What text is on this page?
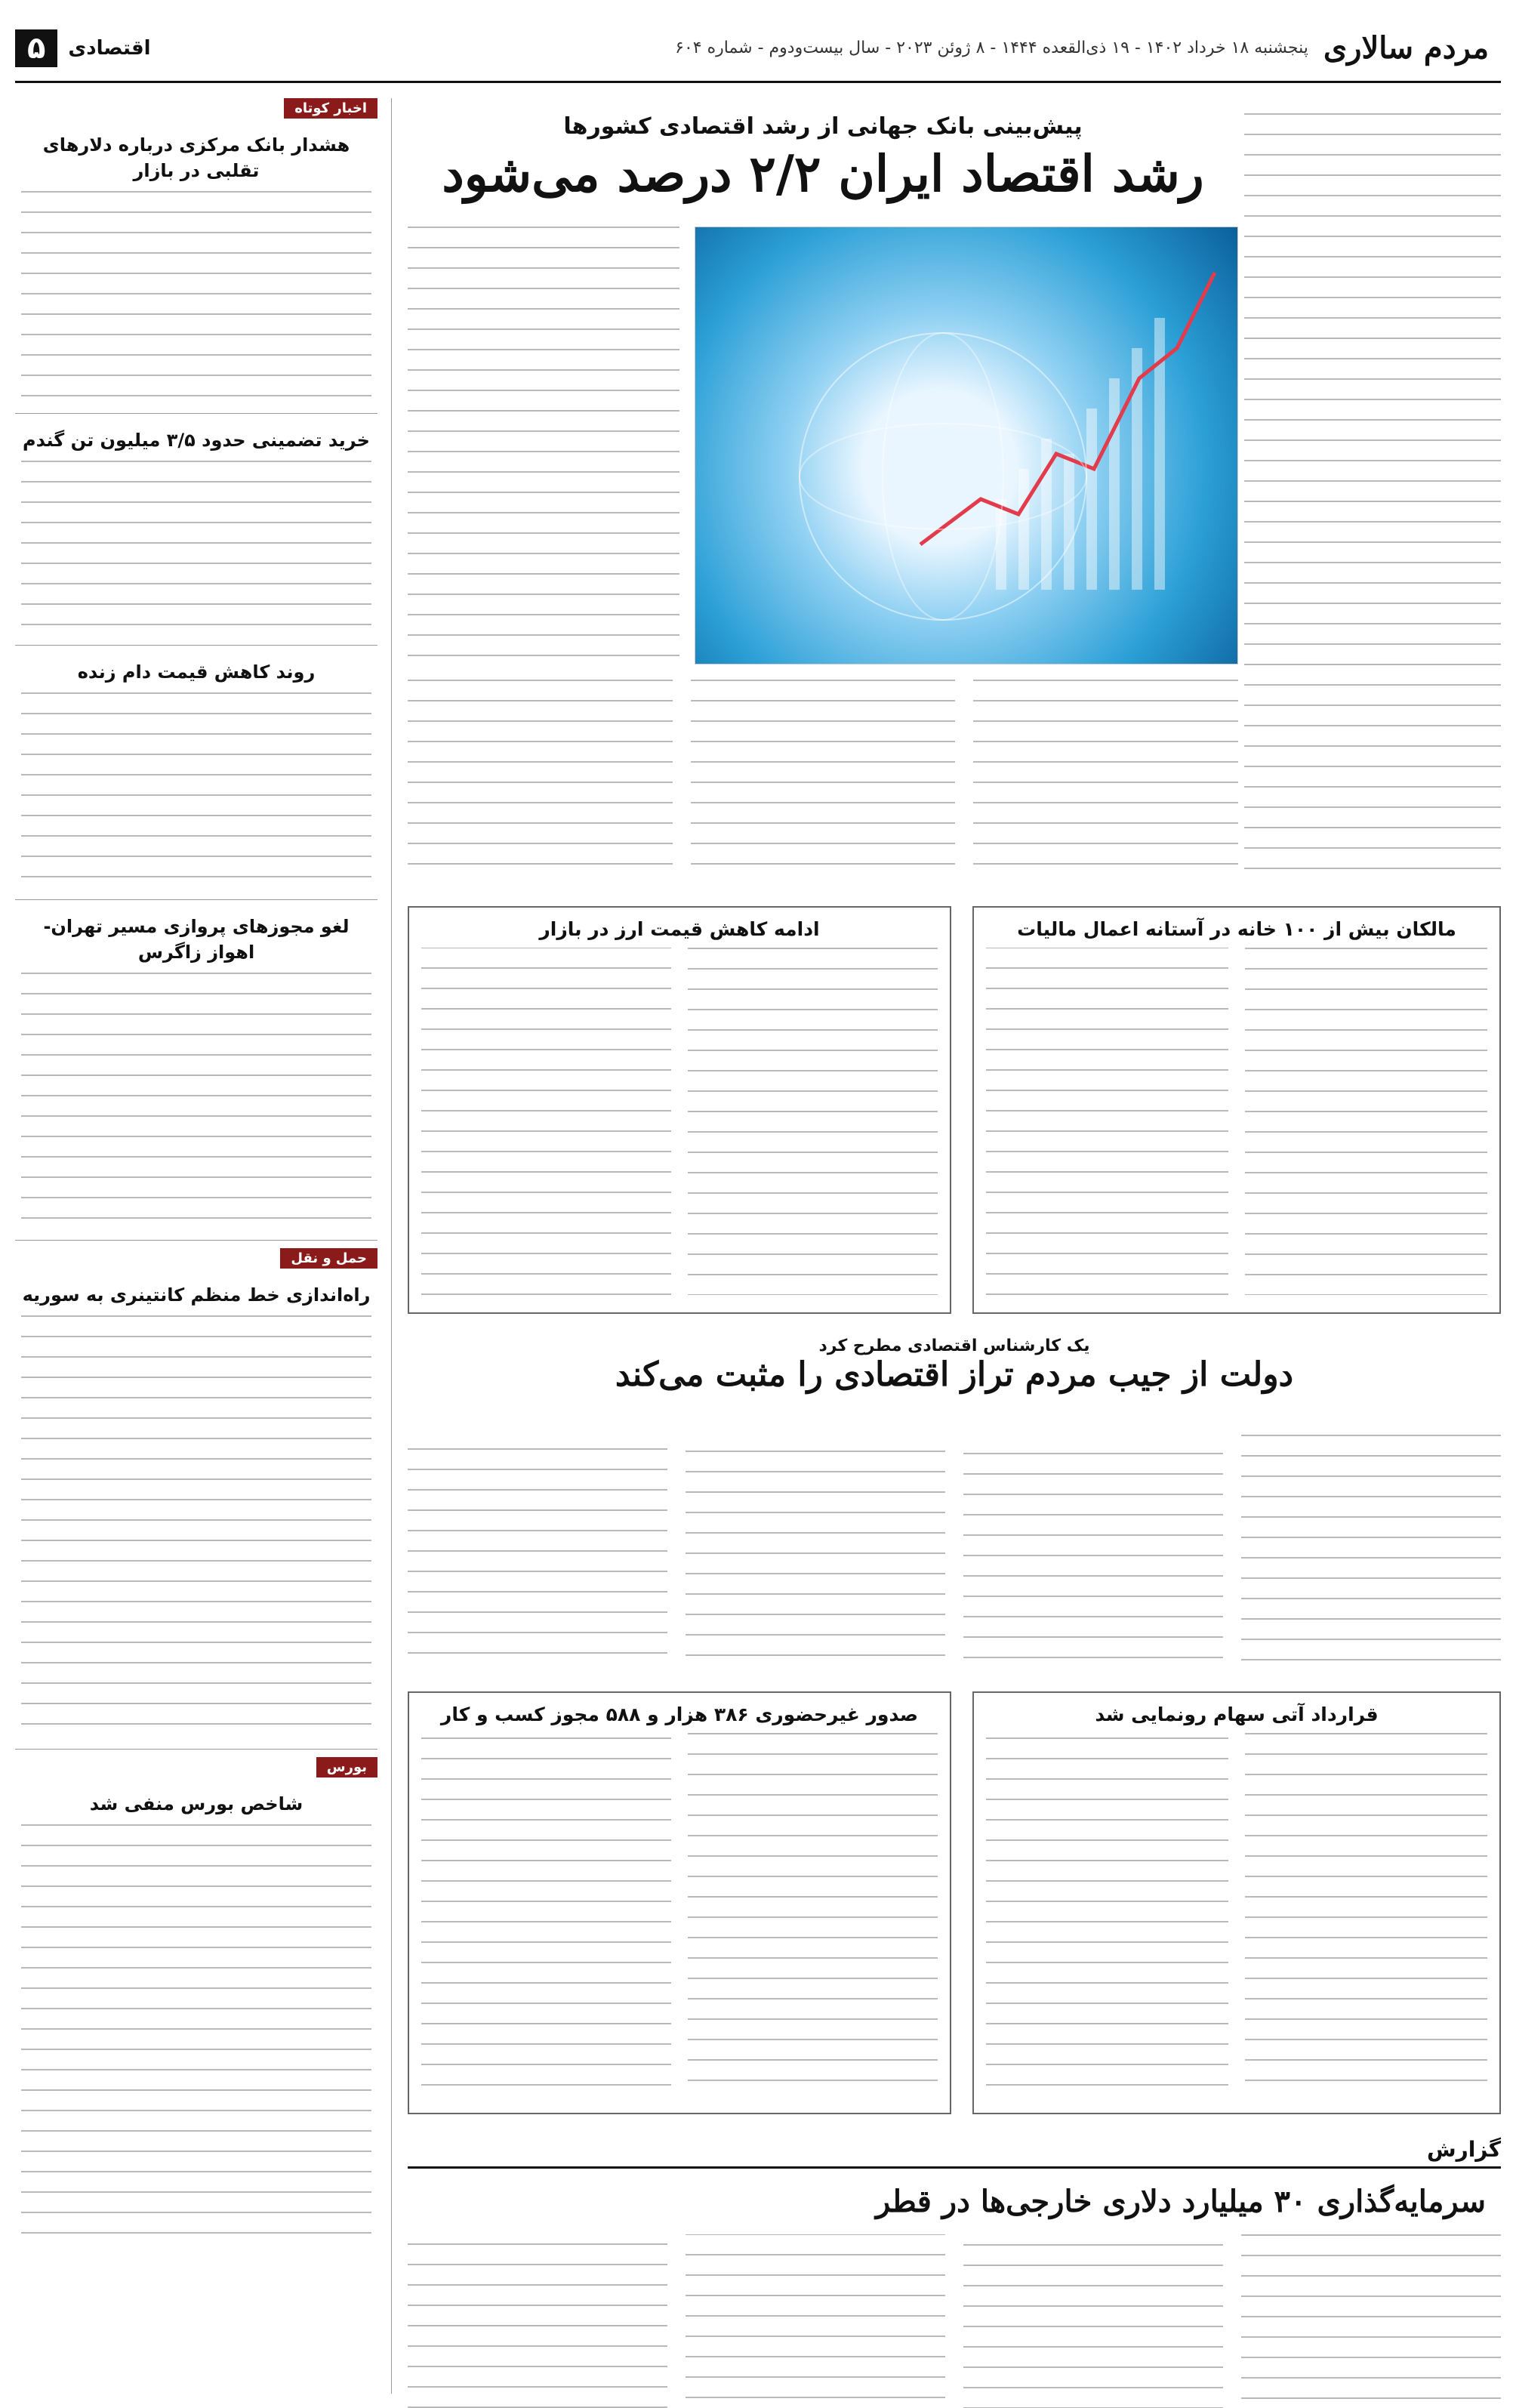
مردم سالاری
پنجشنبه ۱۸ خرداد ۱۴۰۲ - ۱۹ ذی‌القعده ۱۴۴۴ - ۸ ژوئن ۲۰۲۳ - سال بیست‌ودوم - شماره ۶۰۴
اقتصادی
۵
پیش‌بینی بانک جهانی از رشد اقتصادی کشورها
رشد اقتصاد ایران ۲/۲ درصد می‌شود
مالکان بیش از ۱۰۰ خانه در آستانه اعمال مالیات
ادامه کاهش قیمت ارز در بازار
یک کارشناس اقتصادی مطرح کرد
دولت از جیب مردم تراز اقتصادی را مثبت می‌کند
قرارداد آتی سهام رونمایی شد
صدور غیرحضوری ۳۸۶ هزار و ۵۸۸ مجوز کسب و کار
گزارش
سرمایه‌گذاری ۳۰ میلیارد دلاری خارجی‌ها در قطر
اخبار کوتاه
هشدار بانک مرکزی درباره دلارهای تقلبی در بازار
خرید تضمینی حدود ۳/۵ میلیون تن گندم
روند کاهش قیمت دام زنده
لغو مجوزهای پروازی مسیر تهران-اهواز زاگرس
حمل و نقل
راه‌اندازی خط منظم کانتینری به سوریه
بورس
شاخص بورس منفی شد
